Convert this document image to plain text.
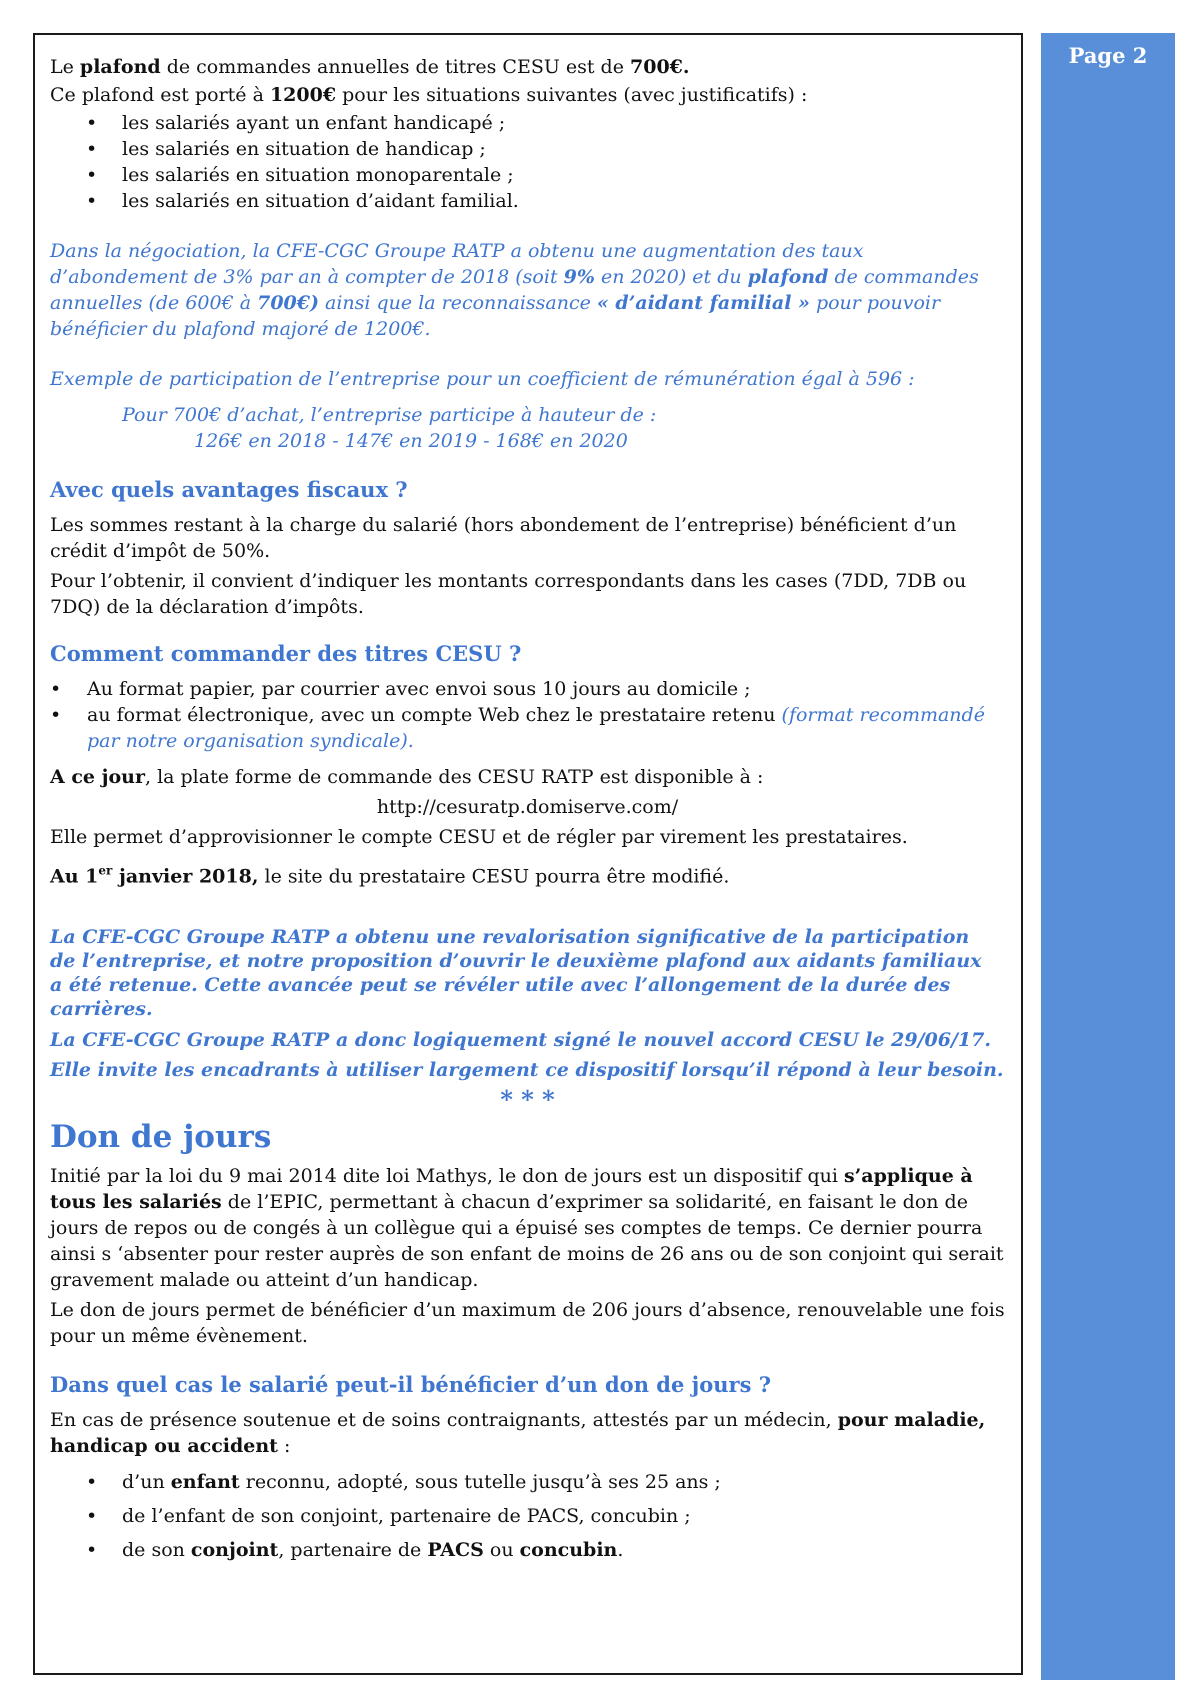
Page 2

Le plafond de commandes annuelles de titres CESU est de 700€.

Ce plafond est porté à 1200€ pour les situations suivantes (avec justificatifs) :

• les salariés ayant un enfant handicapé ;
• les salariés en situation de handicap ;
• les salariés en situation monoparentale ;
• les salariés en situation d’aidant familial.

Dans la négociation, la CFE-CGC Groupe RATP a obtenu une augmentation des taux d’abondement de 3% par an à compter de 2018 (soit 9% en 2020) et du plafond de commandes annuelles (de 600€ à 700€) ainsi que la reconnaissance « d’aidant familial » pour pouvoir bénéficier du plafond majoré de 1200€.

Exemple de participation de l’entreprise pour un coefficient de rémunération égal à 596 :

Pour 700€ d’achat, l’entreprise participe à hauteur de :

126€ en 2018 - 147€ en 2019 - 168€ en 2020

Avec quels avantages fiscaux ?

Les sommes restant à la charge du salarié (hors abondement de l’entreprise) bénéficient d’un crédit d’impôt de 50%.

Pour l’obtenir, il convient d’indiquer les montants correspondants dans les cases (7DD, 7DB ou 7DQ) de la déclaration d’impôts.

Comment commander des titres CESU ?
• Au format papier, par courrier avec envoi sous 10 jours au domicile ;
• au format électronique, avec un compte Web chez le prestataire retenu (format recommandé par notre organisation syndicale).

A ce jour, la plate forme de commande des CESU RATP est disponible à :

http://cesuratp.domiserve.com/

Elle permet d’approvisionner le compte CESU et de régler par virement les prestataires.

Au 1er janvier 2018, le site du prestataire CESU pourra être modifié.

La CFE-CGC Groupe RATP a obtenu une revalorisation significative de la participation de l’entreprise, et notre proposition d’ouvrir le deuxième plafond aux aidants familiaux a été retenue. Cette avancée peut se révéler utile avec l’allongement de la durée des carrières.

La CFE-CGC Groupe RATP a donc logiquement signé le nouvel accord CESU le 29/06/17.

Elle invite les encadrants à utiliser largement ce dispositif lorsqu’il répond à leur besoin.

* * *

Don de jours

Initié par la loi du 9 mai 2014 dite loi Mathys, le don de jours est un dispositif qui s’applique à tous les salariés de l’EPIC, permettant à chacun d’exprimer sa solidarité, en faisant le don de jours de repos ou de congés à un collègue qui a épuisé ses comptes de temps. Ce dernier pourra ainsi s ‘absenter pour rester auprès de son enfant de moins de 26 ans ou de son conjoint qui serait gravement malade ou atteint d’un handicap.

Le don de jours permet de bénéficier d’un maximum de 206 jours d’absence, renouvelable une fois pour un même évènement.

Dans quel cas le salarié peut-il bénéficier d’un don de jours ?

En cas de présence soutenue et de soins contraignants, attestés par un médecin, pour maladie, handicap ou accident :

• d’un enfant reconnu, adopté, sous tutelle jusqu’à ses 25 ans ;
• de l’enfant de son conjoint, partenaire de PACS, concubin ;
• de son conjoint, partenaire de PACS ou concubin.
